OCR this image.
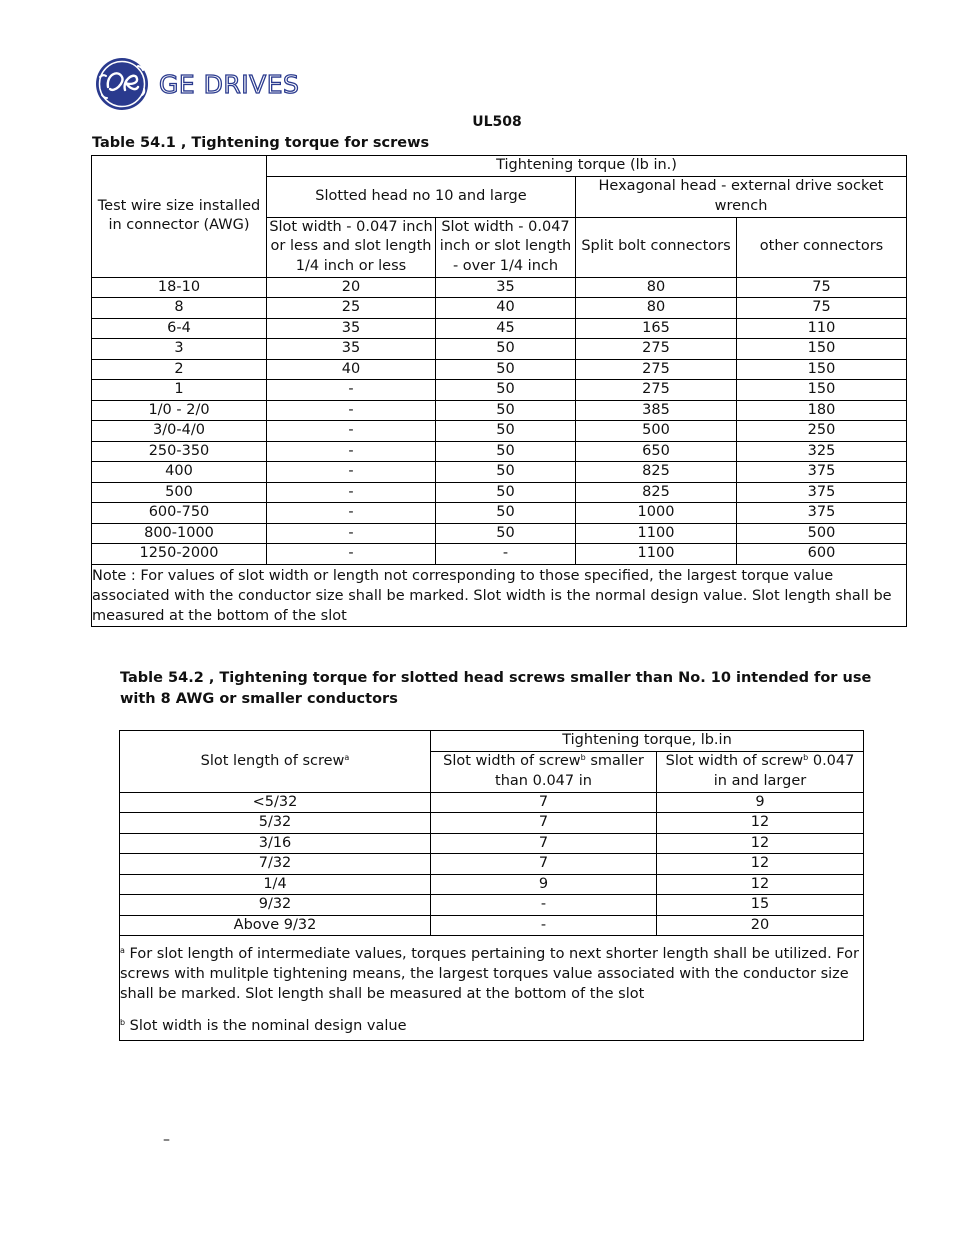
GE DRIVES
UL508
Table 54.1 , Tightening torque for screws
Test wire size installed in connector (AWG)	Tightening torque (lb in.)			
	Slotted head no 10 and large		Hexagonal head - external drive socket wrench	
	Slot width - 0.047 inch or less and slot length 1/4 inch or less	Slot width - 0.047 inch or slot length - over 1/4 inch	Split bolt connectors	other connectors
18-10	20	35	80	75
8	25	40	80	75
6-4	35	45	165	110
3	35	50	275	150
2	40	50	275	150
1	-	50	275	150
1/0 - 2/0	-	50	385	180
3/0-4/0	-	50	500	250
250-350	-	50	650	325
400	-	50	825	375
500	-	50	825	375
600-750	-	50	1000	375
800-1000	-	50	1100	500
1250-2000	-	-	1100	600
Note : For values of slot width or length not corresponding to those specified, the largest torque value associated with the conductor size shall be marked. Slot width is the normal design value. Slot length shall be measured at the bottom of the slot				
Table 54.2 , Tightening torque for slotted head screws smaller than No. 10 intended for use with 8 AWG or smaller conductors
Slot length of screw$^a$	Tightening torque, lb.in	
	Slot width of screw$^b$ smaller than 0.047 in	Slot width of screw$^b$ 0.047 in and larger
<5/32	7	9
5/32	7	12
3/16	7	12
7/32	7	12
1/4	9	12
9/32	-	15
Above 9/32	-	20

$^a$ For slot length of intermediate values, torques pertaining to next shorter length shall be utilized. For screws with mulitple tightening means, the largest torques value associated with the conductor size shall be marked. Slot length shall be measured at the bottom of the slot
$^b$ Slot width is the nominal design value		
–
